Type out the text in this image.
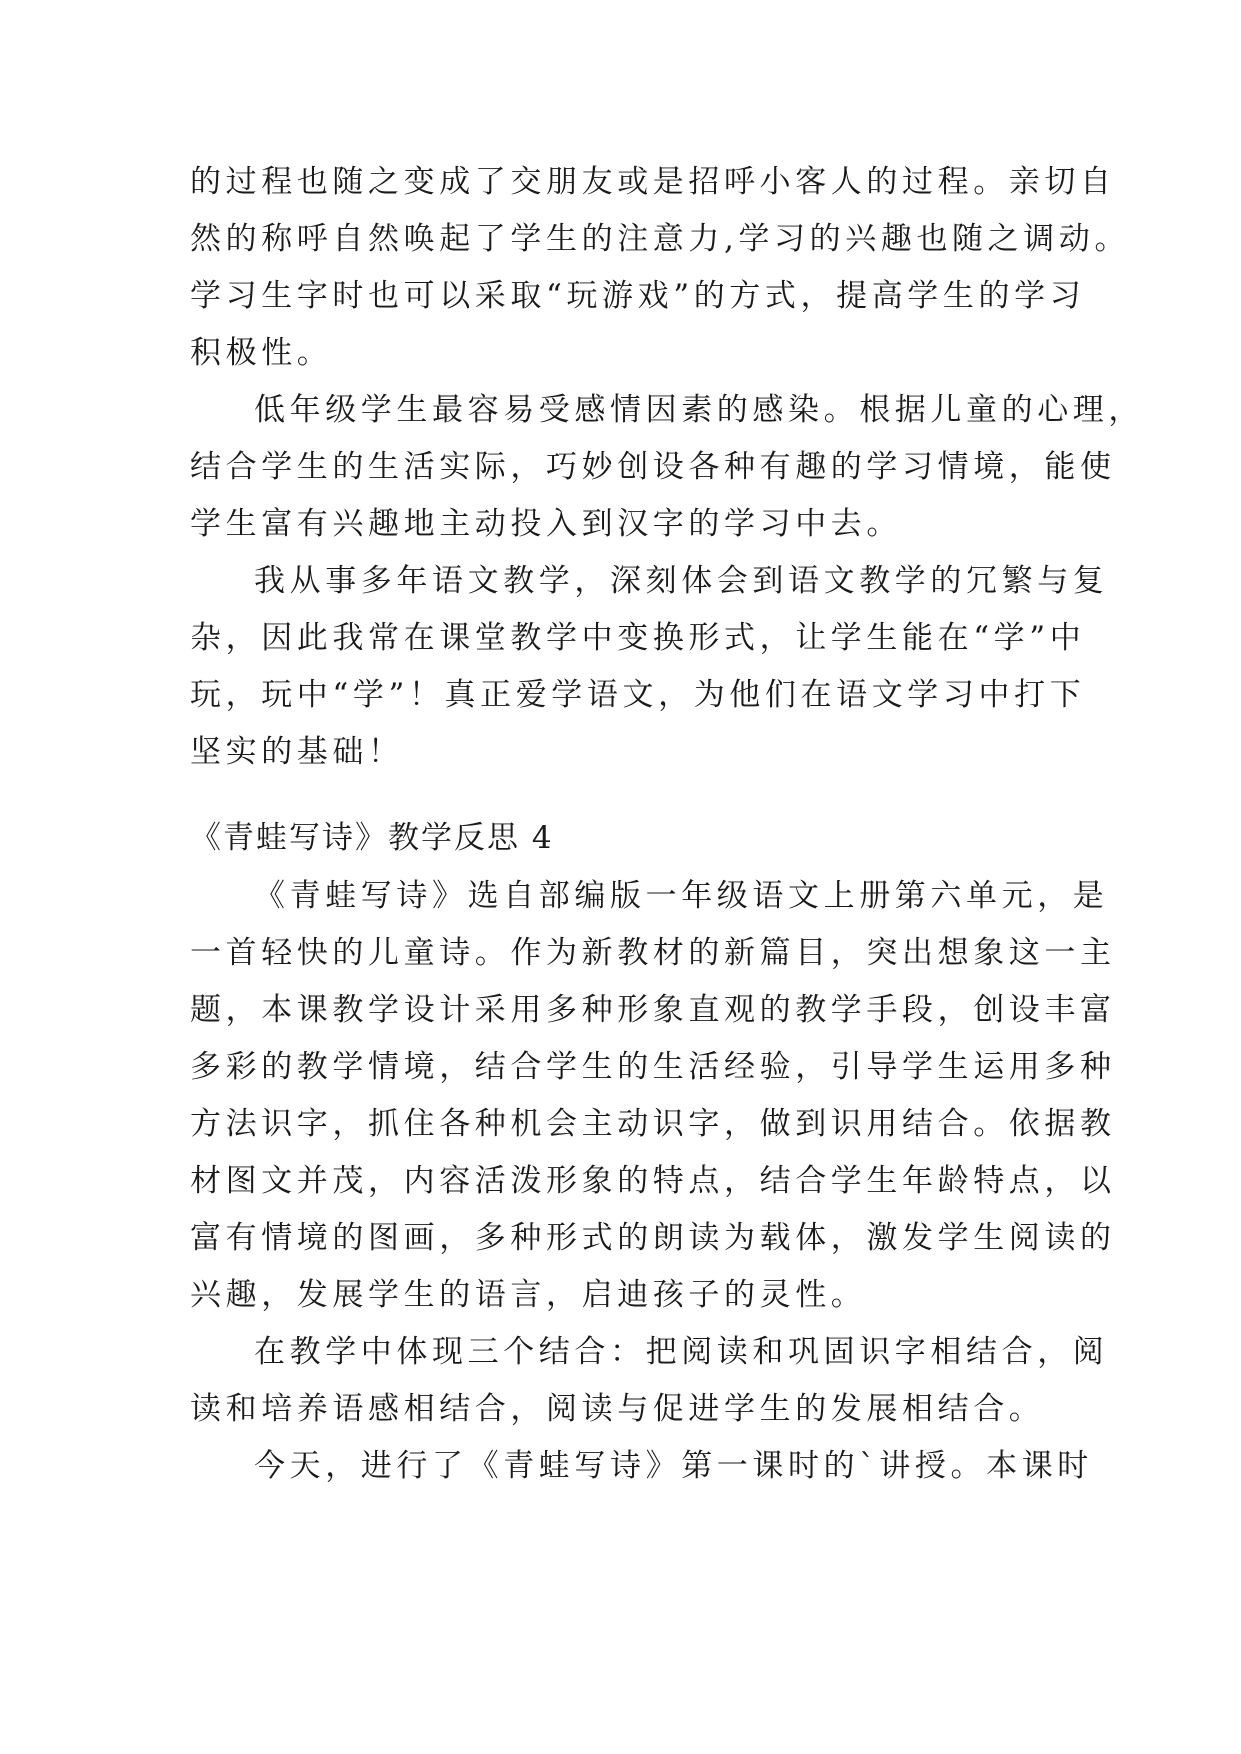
的过程也随之变成了交朋友或是招呼小客人的过程。亲切自
然的称呼自然唤起了学生的注意力,学习的兴趣也随之调动。
学习生字时也可以采取“玩游戏”的方式，提高学生的学习
积极性。
低年级学生最容易受感情因素的感染。根据儿童的心理，
结合学生的生活实际，巧妙创设各种有趣的学习情境，能使
学生富有兴趣地主动投入到汉字的学习中去。
我从事多年语文教学，深刻体会到语文教学的冗繁与复
杂，因此我常在课堂教学中变换形式，让学生能在“学”中
玩，玩中“学”！真正爱学语文，为他们在语文学习中打下
坚实的基础！
《青蛙写诗》教学反思 4
《青蛙写诗》选自部编版一年级语文上册第六单元，是
一首轻快的儿童诗。作为新教材的新篇目，突出想象这一主
题，本课教学设计采用多种形象直观的教学手段，创设丰富
多彩的教学情境，结合学生的生活经验，引导学生运用多种
方法识字，抓住各种机会主动识字，做到识用结合。依据教
材图文并茂，内容活泼形象的特点，结合学生年龄特点，以
富有情境的图画，多种形式的朗读为载体，激发学生阅读的
兴趣，发展学生的语言，启迪孩子的灵性。
在教学中体现三个结合：把阅读和巩固识字相结合，阅
读和培养语感相结合，阅读与促进学生的发展相结合。
今天，进行了《青蛙写诗》第一课时的`讲授。本课时
